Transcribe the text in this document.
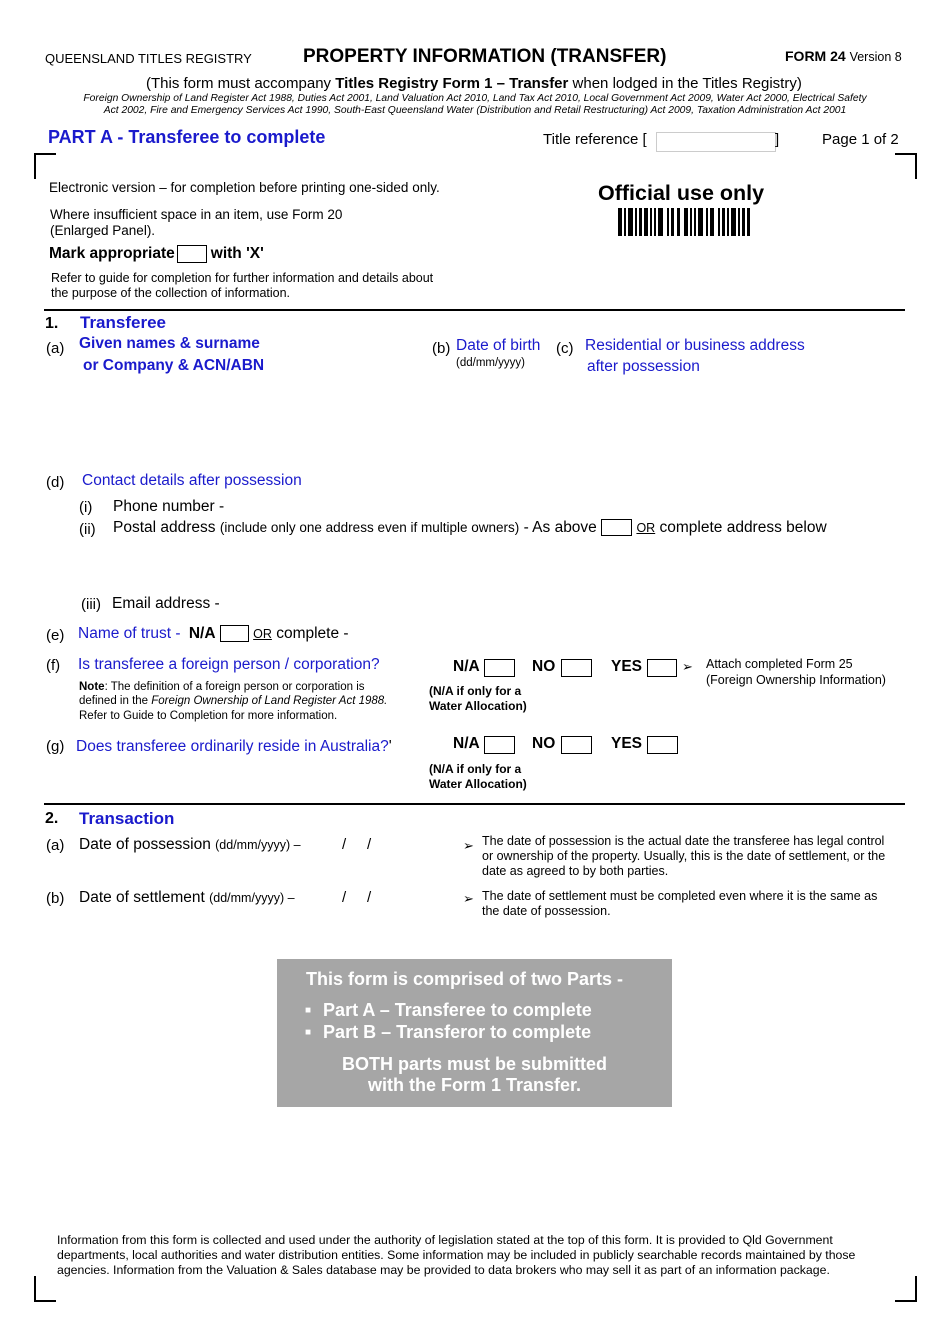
QUEENSLAND TITLES REGISTRY	PROPERTY INFORMATION (TRANSFER)	FORM 24 Version 8
(This form must accompany Titles Registry Form 1 – Transfer when lodged in the Titles Registry)
Foreign Ownership of Land Register Act 1988, Duties Act 2001, Land Valuation Act 2010, Land Tax Act 2010, Local Government Act 2009, Water Act 2000, Electrical Safety
Act 2002, Fire and Emergency Services Act 1990, South-East Queensland Water (Distribution and Retail Restructuring) Act 2009, Taxation Administration Act 2001
PART A - Transferee to complete	Title reference [	]	Page 1 of 2
Electronic version – for completion before printing one-sided only.
Where insufficient space in an item, use Form 20
(Enlarged Panel).
Mark appropriate with 'X'
Refer to guide for completion for further information and details about
the purpose of the collection of information.
Official use only
1. Transferee
(a) Given names & surname
or Company & ACN/ABN
(b) Date of birth
(dd/mm/yyyy)
(c) Residential or business address
after possession
(d) Contact details after possession
(i) Phone number -
(ii) Postal address (include only one address even if multiple owners) - As above	OR complete address below
(iii) Email address -
(e) Name of trust - N/A	OR complete -
(f) Is transferee a foreign person / corporation?
Note: The definition of a foreign person or corporation is
defined in the Foreign Ownership of Land Register Act 1988.
Refer to Guide to Completion for more information.
N/A	NO	YES	➢ Attach completed Form 25
(Foreign Ownership Information)
(N/A if only for a
Water Allocation)
(g) Does transferee ordinarily reside in Australia?'	N/A	NO	YES
(N/A if only for a
Water Allocation)
2. Transaction
(a) Date of possession (dd/mm/yyyy) –	/     /	➢ The date of possession is the actual date the transferee has legal control
or ownership of the property. Usually, this is the date of settlement, or the
date as agreed to by both parties.
(b) Date of settlement (dd/mm/yyyy) –	/     /	➢ The date of settlement must be completed even where it is the same as
the date of possession.
This form is comprised of two Parts -
■ Part A – Transferee to complete
■ Part B – Transferor to complete
BOTH parts must be submitted
with the Form 1 Transfer.
Information from this form is collected and used under the authority of legislation stated at the top of this form. It is provided to Qld Government
departments, local authorities and water distribution entities. Some information may be included in publicly searchable records maintained by those
agencies. Information from the Valuation & Sales database may be provided to data brokers who may sell it as part of an information package.
